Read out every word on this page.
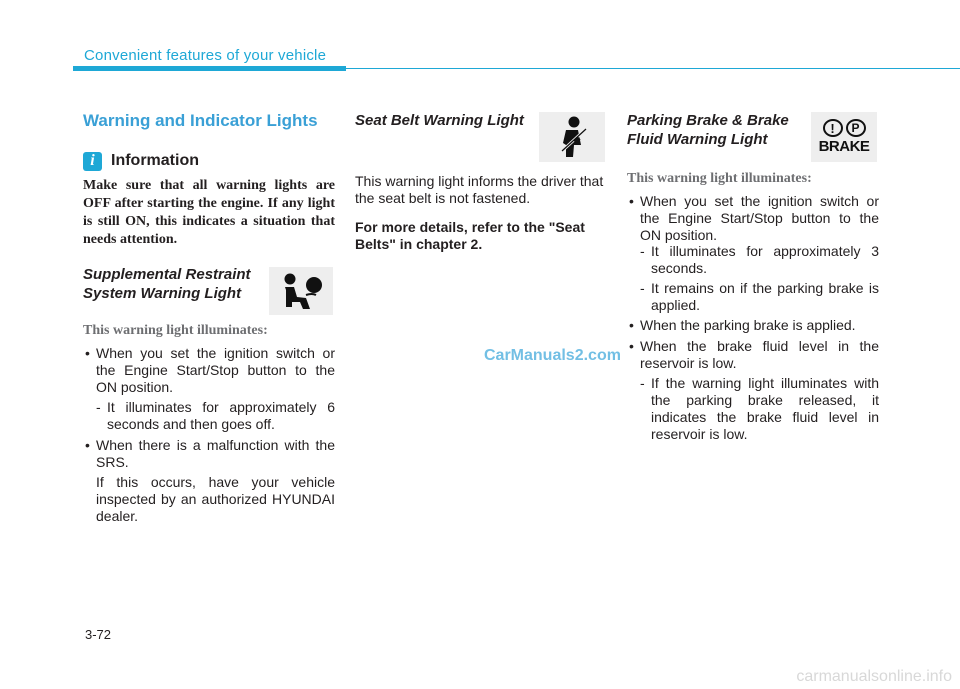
Convenient features of your vehicle
Warning and Indicator Lights
i	Information
Make sure that all warning lights are OFF after starting the engine. If any light is still ON, this indicates a situation that needs attention.
Supplemental Restraint
System Warning Light
This warning light illuminates:
• When you set the ignition switch or the Engine Start/Stop button to the ON position.
- It illuminates for approximately 6 seconds and then goes off.
• When there is a malfunction with the SRS.
If this occurs, have your vehicle inspected by an authorized HYUNDAI dealer.
Seat Belt Warning Light
This warning light informs the driver that the seat belt is not fastened.
For more details, refer to the "Seat Belts" in chapter 2.
Parking Brake & Brake
Fluid Warning Light
!	P
BRAKE
This warning light illuminates:
• When you set the ignition switch or the Engine Start/Stop button to the ON position.
- It illuminates for approximately 3 seconds.
- It remains on if the parking brake is applied.
• When the parking brake is applied.
• When the brake fluid level in the reservoir is low.
- If the warning light illuminates with the parking brake released, it indicates the brake fluid level in reservoir is low.
CarManuals2.com
3-72
carmanualsonline.info
